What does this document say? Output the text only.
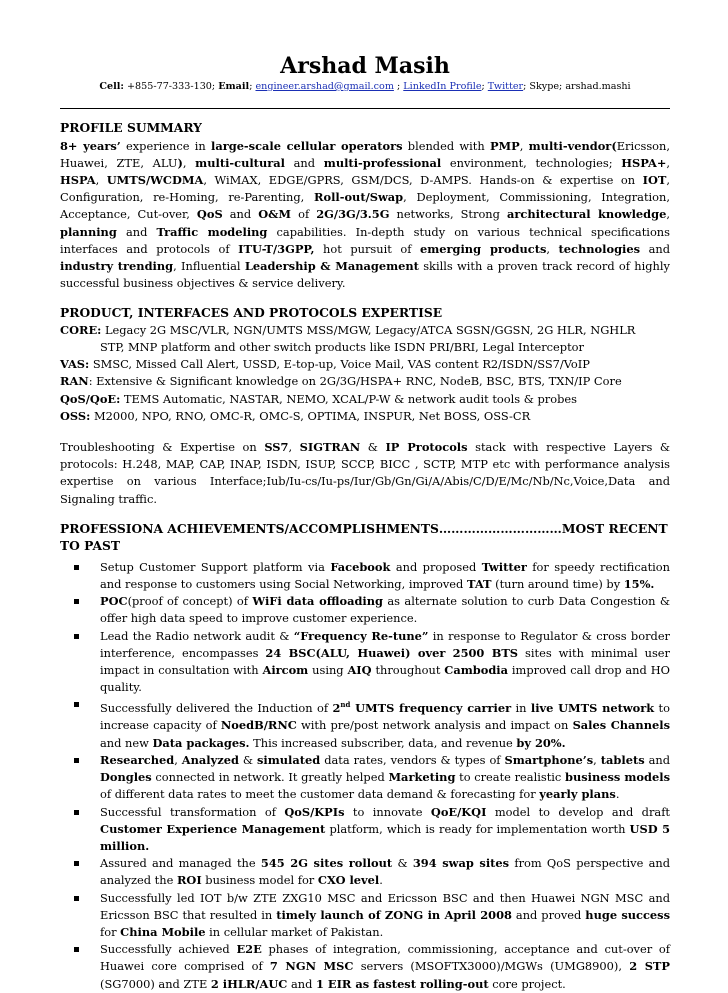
Arshad Masih
Cell: +855-77-333-130; Email; engineer.arshad@gmail.com ; LinkedIn Profile; Twitter; Skype; arshad.mashi
PROFILE SUMMARY
8+ years’ experience in large-scale cellular operators blended with PMP, multi-vendor(Ericsson, Huawei, ZTE, ALU), multi-cultural and multi-professional environment, technologies; HSPA+, HSPA, UMTS/WCDMA, WiMAX, EDGE/GPRS, GSM/DCS, D-AMPS. Hands-on & expertise on IOT, Configuration, re-Homing, re-Parenting, Roll-out/Swap, Deployment, Commissioning, Integration, Acceptance, Cut-over, QoS and O&M of 2G/3G/3.5G networks, Strong architectural knowledge, planning and Traffic modeling capabilities. In-depth study on various technical specifications interfaces and protocols of ITU-T/3GPP, hot pursuit of emerging products, technologies and industry trending, Influential Leadership & Management skills with a proven track record of highly successful business objectives & service delivery.
PRODUCT, INTERFACES AND PROTOCOLS EXPERTISE
CORE: Legacy 2G MSC/VLR, NGN/UMTS MSS/MGW, Legacy/ATCA SGSN/GGSN, 2G HLR, NGHLR
STP, MNP platform and other switch products like ISDN PRI/BRI, Legal Interceptor
VAS: SMSC, Missed Call Alert, USSD, E-top-up, Voice Mail, VAS content R2/ISDN/SS7/VoIP
RAN: Extensive & Significant knowledge on 2G/3G/HSPA+ RNC, NodeB, BSC, BTS, TXN/IP Core
QoS/QoE: TEMS Automatic, NASTAR, NEMO, XCAL/P-W & network audit tools & probes
OSS: M2000, NPO, RNO, OMC-R, OMC-S, OPTIMA, INSPUR, Net BOSS, OSS-CR
Troubleshooting & Expertise on SS7, SIGTRAN & IP Protocols stack with respective Layers & protocols: H.248, MAP, CAP, INAP, ISDN, ISUP, SCCP, BICC , SCTP, MTP etc with performance analysis expertise on various Interface;Iub/Iu-cs/Iu-ps/Iur/Gb/Gn/Gi/A/Abis/C/D/E/Mc/Nb/Nc,Voice,Data and Signaling traffic.
PROFESSIONA ACHIEVEMENTS/ACCOMPLISHMENTS…………………………MOST RECENT TO PAST
Setup Customer Support platform via Facebook and proposed Twitter for speedy rectification and response to customers using Social Networking, improved TAT (turn around time) by 15%.
POC(proof of concept) of WiFi data offloading as alternate solution to curb Data Congestion & offer high data speed to improve customer experience.
Lead the Radio network audit & “Frequency Re-tune” in response to Regulator & cross border interference, encompasses 24 BSC(ALU, Huawei) over 2500 BTS sites with minimal user impact in consultation with Aircom using AIQ throughout Cambodia improved call drop and HO quality.
Successfully delivered the Induction of 2nd UMTS frequency carrier in live UMTS network to increase capacity of NoedB/RNC with pre/post network analysis and impact on Sales Channels and new Data packages. This increased subscriber, data, and revenue by 20%.
Researched, Analyzed & simulated data rates, vendors & types of Smartphone’s, tablets and Dongles connected in network. It greatly helped Marketing to create realistic business models of different data rates to meet the customer data demand & forecasting for yearly plans.
Successful transformation of QoS/KPIs to innovate QoE/KQI model to develop and draft Customer Experience Management platform, which is ready for implementation worth USD 5 million.
Assured and managed the 545 2G sites rollout & 394 swap sites from QoS perspective and analyzed the ROI business model for CXO level.
Successfully led IOT b/w ZTE ZXG10 MSC and Ericsson BSC and then Huawei NGN MSC and Ericsson BSC that resulted in timely launch of ZONG in April 2008 and proved huge success for China Mobile in cellular market of Pakistan.
Successfully achieved E2E phases of integration, commissioning, acceptance and cut-over of Huawei core comprised of 7 NGN MSC servers (MSOFTX3000)/MGWs (UMG8900), 2 STP (SG7000) and ZTE 2 iHLR/AUC and 1 EIR as fastest rolling-out core project.
